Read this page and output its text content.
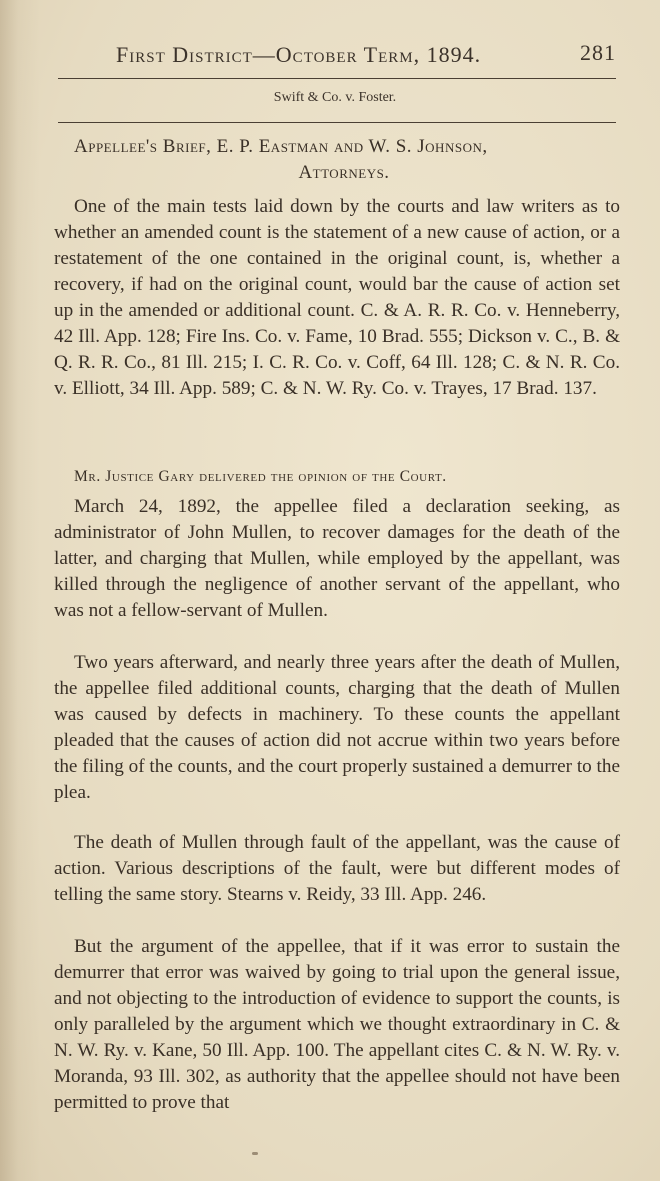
First District—October Term, 1894.	281
Swift & Co. v. Foster.
Appellee's Brief, E. P. Eastman and W. S. Johnson,
Attorneys.
One of the main tests laid down by the courts and law writers as to whether an amended count is the statement of a new cause of action, or a restatement of the one contained in the original count, is, whether a recovery, if had on the original count, would bar the cause of action set up in the amended or additional count. C. & A. R. R. Co. v. Henneberry, 42 Ill. App. 128; Fire Ins. Co. v. Fame, 10 Brad. 555; Dickson v. C., B. & Q. R. R. Co., 81 Ill. 215; I. C. R. Co. v. Coff, 64 Ill. 128; C. & N. R. Co. v. Elliott, 34 Ill. App. 589; C. & N. W. Ry. Co. v. Trayes, 17 Brad. 137.
Mr. Justice Gary delivered the opinion of the Court.
March 24, 1892, the appellee filed a declaration seeking, as administrator of John Mullen, to recover damages for the death of the latter, and charging that Mullen, while employed by the appellant, was killed through the negligence of another servant of the appellant, who was not a fellow-servant of Mullen.
Two years afterward, and nearly three years after the death of Mullen, the appellee filed additional counts, charging that the death of Mullen was caused by defects in machinery. To these counts the appellant pleaded that the causes of action did not accrue within two years before the filing of the counts, and the court properly sustained a demurrer to the plea.
The death of Mullen through fault of the appellant, was the cause of action. Various descriptions of the fault, were but different modes of telling the same story. Stearns v. Reidy, 33 Ill. App. 246.
But the argument of the appellee, that if it was error to sustain the demurrer that error was waived by going to trial upon the general issue, and not objecting to the introduction of evidence to support the counts, is only paralleled by the argument which we thought extraordinary in C. & N. W. Ry. v. Kane, 50 Ill. App. 100. The appellant cites C. & N. W. Ry. v. Moranda, 93 Ill. 302, as authority that the appellee should not have been permitted to prove that
